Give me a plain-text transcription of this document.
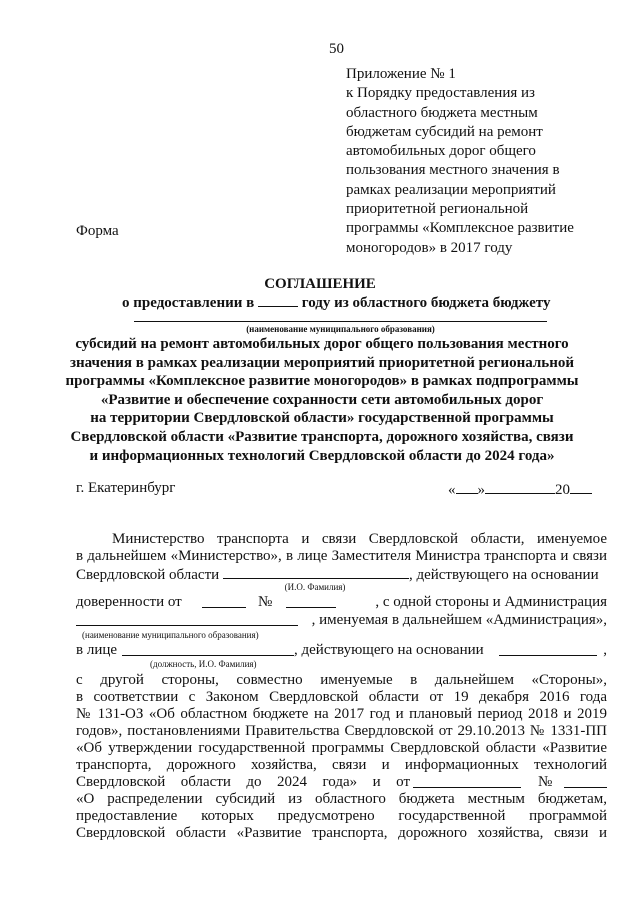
50
Приложение № 1
к Порядку предоставления из
областного бюджета местным
бюджетам субсидий на ремонт
автомобильных дорог общего
пользования местного значения в
рамках реализации мероприятий
приоритетной региональной
программы «Комплексное развитие
моногородов» в 2017 году
Форма
СОГЛАШЕНИЕ
о предоставлении в	году из областного бюджета бюджету
(наименование муниципального образования)
субсидий на ремонт автомобильных дорог общего пользования местного
значения в рамках реализации мероприятий приоритетной региональной
программы «Комплексное развитие моногородов» в рамках подпрограммы
«Развитие и обеспечение сохранности сети автомобильных дорог
на территории Свердловской области» государственной программы
Свердловской области «Развитие транспорта, дорожного хозяйства, связи
и информационных технологий Свердловской области до 2024 года»
г. Екатеринбург	« »	20
Министерство транспорта и связи Свердловской области, именуемое
в дальнейшем «Министерство», в лице Заместителя Министра транспорта и связи
Свердловской области	, действующего на основании
(И.О. Фамилия)
доверенности от	№	, с одной стороны и Администрация
, именуемая в дальнейшем «Администрация»,
(наименование муниципального образования)
в лице	, действующего на основании	,
(должность, И.О. Фамилия)
с другой стороны, совместно именуемые в дальнейшем «Стороны»,
в соответствии с Законом Свердловской области от 19 декабря 2016 года
№ 131-ОЗ «Об областном бюджете на 2017 год и плановый период 2018 и 2019
годов», постановлениями Правительства Свердловской от 29.10.2013 № 1331-ПП
«Об утверждении государственной программы Свердловской области «Развитие
транспорта, дорожного хозяйства, связи и информационных технологий
Свердловской области до 2024 года» и от	№
«О распределении субсидий из областного бюджета местным бюджетам,
предоставление которых предусмотрено государственной программой
Свердловской области «Развитие транспорта, дорожного хозяйства, связи и
